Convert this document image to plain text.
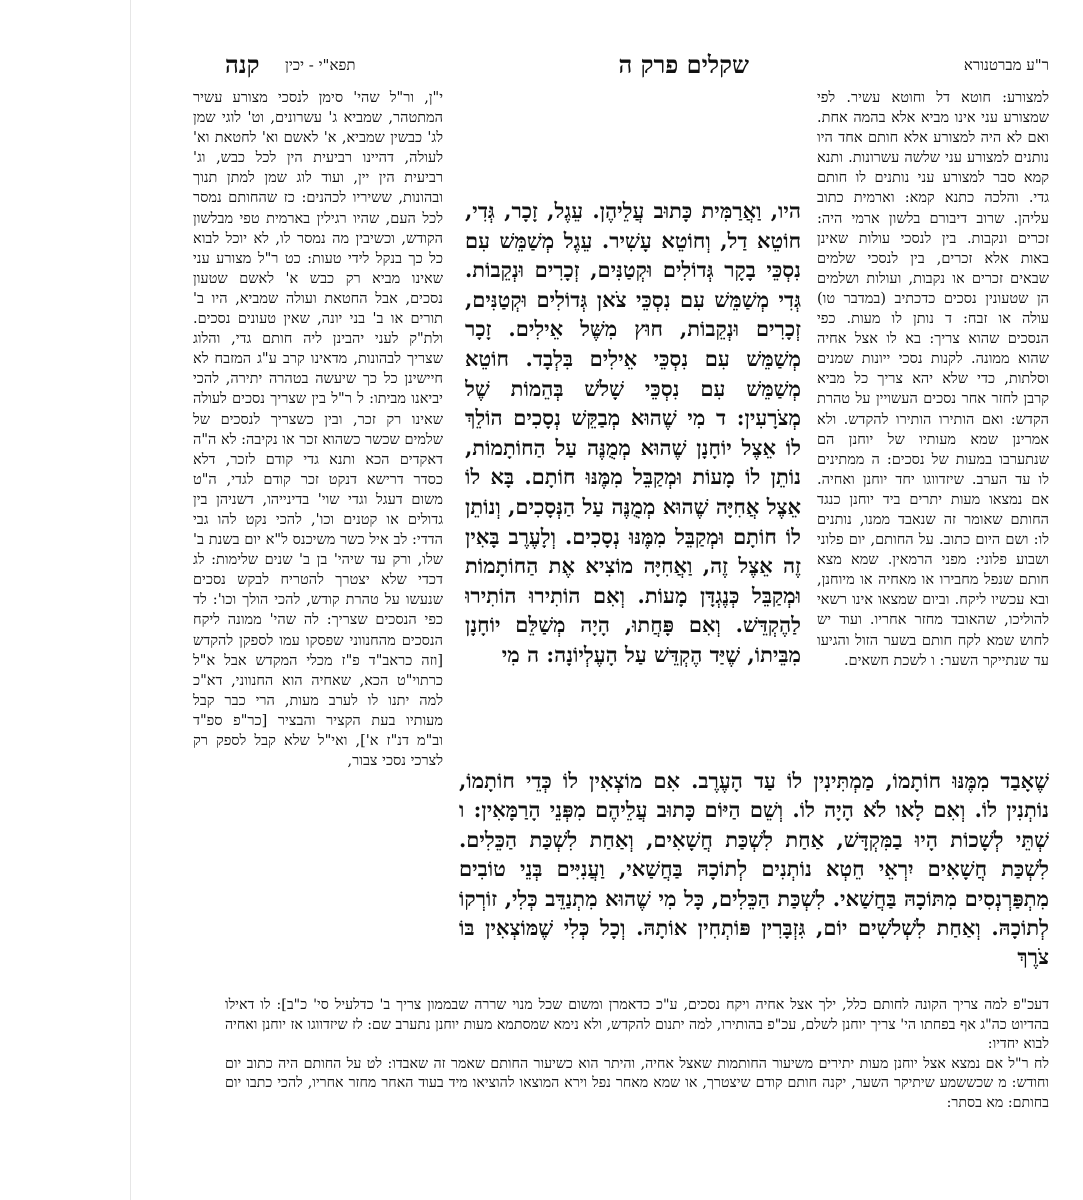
ר"ע מברטנורא
שקלים פרק ה
תפא"י - יכין
קנה

למצורע: חוטא דל וחוטא עשיר. לפי שמצורע עני אינו מביא אלא בהמה אחת. ואם לא היה למצורע אלא חותם אחד היו נותנים למצורע עני שלשה עשרונות. ותנא קמא סבר למצורע עני נותנים לו חותם גדי. והלכה כתנא קמא: וארמית כתוב עליהן. שרוב דיבורם בלשון ארמי היה: זכרים ונקבות. בין לנסכי עולות שאינן באות אלא זכרים, בין לנסכי שלמים שבאים זכרים או נקבות, ועולות ושלמים הן שטעונין נסכים כדכתיב (במדבר טו) עולה או זבח: ד נותן לו מעות. כפי הנסכים שהוא צריך: בא לו אצל אחיה שהוא ממונה. לקנות נסכי ייונות שמנים וסלתות, כדי שלא יהא צריך כל מביא קרבן לחזר אחר נסכים העשויין על טהרת הקדש: ואם הותירו הותירו להקדש. ולא אמרינן שמא מעותיו של יוחנן הם שנתערבו במעות של נסכים: ה ממתינים לו עד הערב. שיזדווגו יחד יוחנן ואחיה. אם נמצאו מעות יתרים ביד יוחנן כנגד החותם שאומר זה שנאבד ממנו, נותנים לו: ושם היום כתוב. על החותם, יום פלוני ושבוע פלוני: מפני הרמאין. שמא מצא חותם שנפל מחבירו או מאחיה או מיוחנן, ובא עכשיו ליקח. וביום שמצאו אינו רשאי להוליכו, שהאובד מחזר אחריו. ועוד יש לחוש שמא לקח חותם בשער הזול והגיעו עד שנתייקר השער: ו לשכת חשאים.

היו, וַאֲרַמִּית כָּתוּב עֲלֵיהֶן. עֵגֶל, זָכָר, גְּדִי, חוֹטֵא דַל, וְחוֹטֵא עָשִׁיר. עֵגֶל מְשַׁמֵּשׁ עִם נִסְכֵּי בָקָר גְּדוֹלִים וּקְטַנִּים, זְכָרִים וּנְקֵבוֹת. גְּדִי מְשַׁמֵּשׁ עִם נִסְכֵּי צֹאן גְּדוֹלִים וּקְטַנִּים, זְכָרִים וּנְקֵבוֹת, חוּץ מִשֶּׁל אֵילִים. זָכָר מְשַׁמֵּשׁ עִם נִסְכֵּי אֵילִים בִּלְבָד. חוֹטֵא מְשַׁמֵּשׁ עִם נִסְכֵּי שָׁלשׁ בְּהֵמוֹת שֶׁל מְצֹרָעִין: ד מִי שֶׁהוּא מְבַקֵּשׁ נְסָכִים הוֹלֵךְ לוֹ אֵצֶל יוֹחָנָן שֶׁהוּא מְמֻנֶּה עַל הַחוֹתָמוֹת, נוֹתֵן לוֹ מָעוֹת וּמְקַבֵּל מִמֶּנּוּ חוֹתָם. בָּא לוֹ אֵצֶל אֲחִיָּה שֶׁהוּא מְמֻנֶּה עַל הַנְּסָכִים, וְנוֹתֵן לוֹ חוֹתָם וּמְקַבֵּל מִמֶּנּוּ נְסָכִים. וְלָעֶרֶב בָּאִין זֶה אֵצֶל זֶה, וַאֲחִיָּה מוֹצִיא אֶת הַחוֹתָמוֹת וּמְקַבֵּל כְּנֶגְדָּן מָעוֹת. וְאִם הוֹתִירוּ הוֹתִירוּ לַהֶקְדֵּשׁ. וְאִם פָּחֲתוּ, הָיָה מְשַׁלֵּם יוֹחָנָן מִבֵּיתוֹ, שֶׁיַּד הֶקְדֵּשׁ עַל הָעֶלְיוֹנָה: ה מִי

י"ן, ור"ל שהי' סימן לנסכי מצורע עשיר המתטהר, שמביא ג' עשרונים, וט' לוגי שמן לג' כבשין שמביא, א' לאשם וא' לחטאת וא' לעולה, דהיינו רביעית הין לכל כבש, וג' רביעית הין יין, ועוד לוג שמן למתן תנוך ובהונות, ששיריו לכהנים: כז שהחותם נמסר לכל העם, שהיו רגילין בארמית טפי מבלשון הקודש, וכשיבין מה נמסר לו, לא יוכל לבוא כל כך בנקל לידי טעות: כט ר"ל מצורע עני שאינו מביא רק כבש א' לאשם שטעון נסכים, אבל החטאת ועולה שמביא, היו ב' תורים או ב' בני יונה, שאין טעונים נסכים. ולת"ק לעני יהבינן ליה חותם גדי, והלוג שצריך לבהונות, מדאינו קרב ע"ג המזבח לא חיישינן כל כך שיעשה בטהרה יתירה, להכי יביאנו מביתו: ל ר"ל בין שצריך נסכים לעולה שאינו רק זכר, ובין כשצריך לנסכים של שלמים שכשר כשהוא זכר או נקיבה: לא ה"ה דאקדים הכא ותנא גדי קודם לזכר, דלא כסדר דרישא דנקט זכר קודם לגדי, ה"ט משום דעגל וגדי שוי' בדינייהו, דשניהן בין גדולים או קטנים וכו', להכי נקט להו גבי הדדי: לב איל כשר משיכנס ל"א יום בשנת ב' שלו, ורק עד שיהי' בן ב' שנים שלימות: לג דכדי שלא יצטרך להטריח לבקש נסכים שנעשו על טהרת קודש, להכי הולך וכו': לד כפי הנסכים שצריך: לה שהי' ממונה ליקח הנסכים מהחנווני שפסקו עמו לספקן להקדש [וזה כראב"ד פ"ז מכלי המקדש אבל א"ל כרתוי"ט הכא, שאחיה הוא החנווני, דא"כ למה יתנו לו לערב מעות, הרי כבר קבל מעותיו בעת הקציר והבציר [כר"פ ספ"ד וב"מ דנ"ז א'], ואי"ל שלא קבל לספק רק לצרכי נסכי צבור,

שֶׁאָבַד מִמֶּנּוּ חוֹתָמוֹ, מַמְתִּינִין לוֹ עַד הָעֶרֶב. אִם מוֹצְאִין לוֹ כְּדֵי חוֹתָמוֹ, נוֹתְנִין לוֹ. וְאִם לָאו לֹא הָיָה לוֹ. וְשֵׁם הַיּוֹם כָּתוּב עֲלֵיהֶם מִפְּנֵי הָרַמָּאִין: ו שְׁתֵּי לְשָׁכוֹת הָיוּ בַמִּקְדָּשׁ, אַחַת לִשְׁכַּת חֲשָׁאִים, וְאַחַת לִשְׁכַּת הַכֵּלִים. לִשְׁכַּת חֲשָׁאִים יִרְאֵי חֵטְא נוֹתְנִים לְתוֹכָהּ בַּחֲשַׁאי, וַעֲנִיִּים בְּנֵי טוֹבִים מִתְפַּרְנְסִים מִתּוֹכָהּ בַּחֲשַׁאי. לִשְׁכַּת הַכֵּלִים, כָּל מִי שֶׁהוּא מִתְנַדֵּב כְּלִי, זוֹרְקוֹ לְתוֹכָהּ. וְאַחַת לִשְׁלֹשִׁים יוֹם, גִּזְבָּרִין פּוֹתְחִין אוֹתָהּ. וְכָל כְּלִי שֶׁמּוֹצְאִין בּוֹ צֹרֶךְ

דעכ"פ למה צריך הקונה לחותם כלל, ילך אצל אחיה ויקח נסכים, ע"כ כדאמרן ומשום שכל מנוי שררה שבממון צריך ב' כדלעיל סי' כ"ב]: לו דאילו בהדיוט כה"ג אף בפחתו הי' צריך יוחנן לשלם, עכ"פ בהותירו, למה יתנום להקדש, ולא נימא שמסתמא מעות יוחנן נתערב שם: לז שיזדווגו אז יוחנן ואחיה לבוא יחדיו:

לח ר"ל אם נמצא אצל יוחנן מעות יתירים משיעור החותמות שאצל אחיה, והיתר הוא כשיעור החותם שאמר זה שאבדו: לט על החותם היה כתוב יום וחודש: מ שכששמע שיתיקר השער, יקנה חותם קודם שיצטרך, או שמא מאחר נפל וירא המוצאו להוציאו מיד בעוד האחר מחזר אחריו, להכי כתבו יום בחותם: מא בסתר:
